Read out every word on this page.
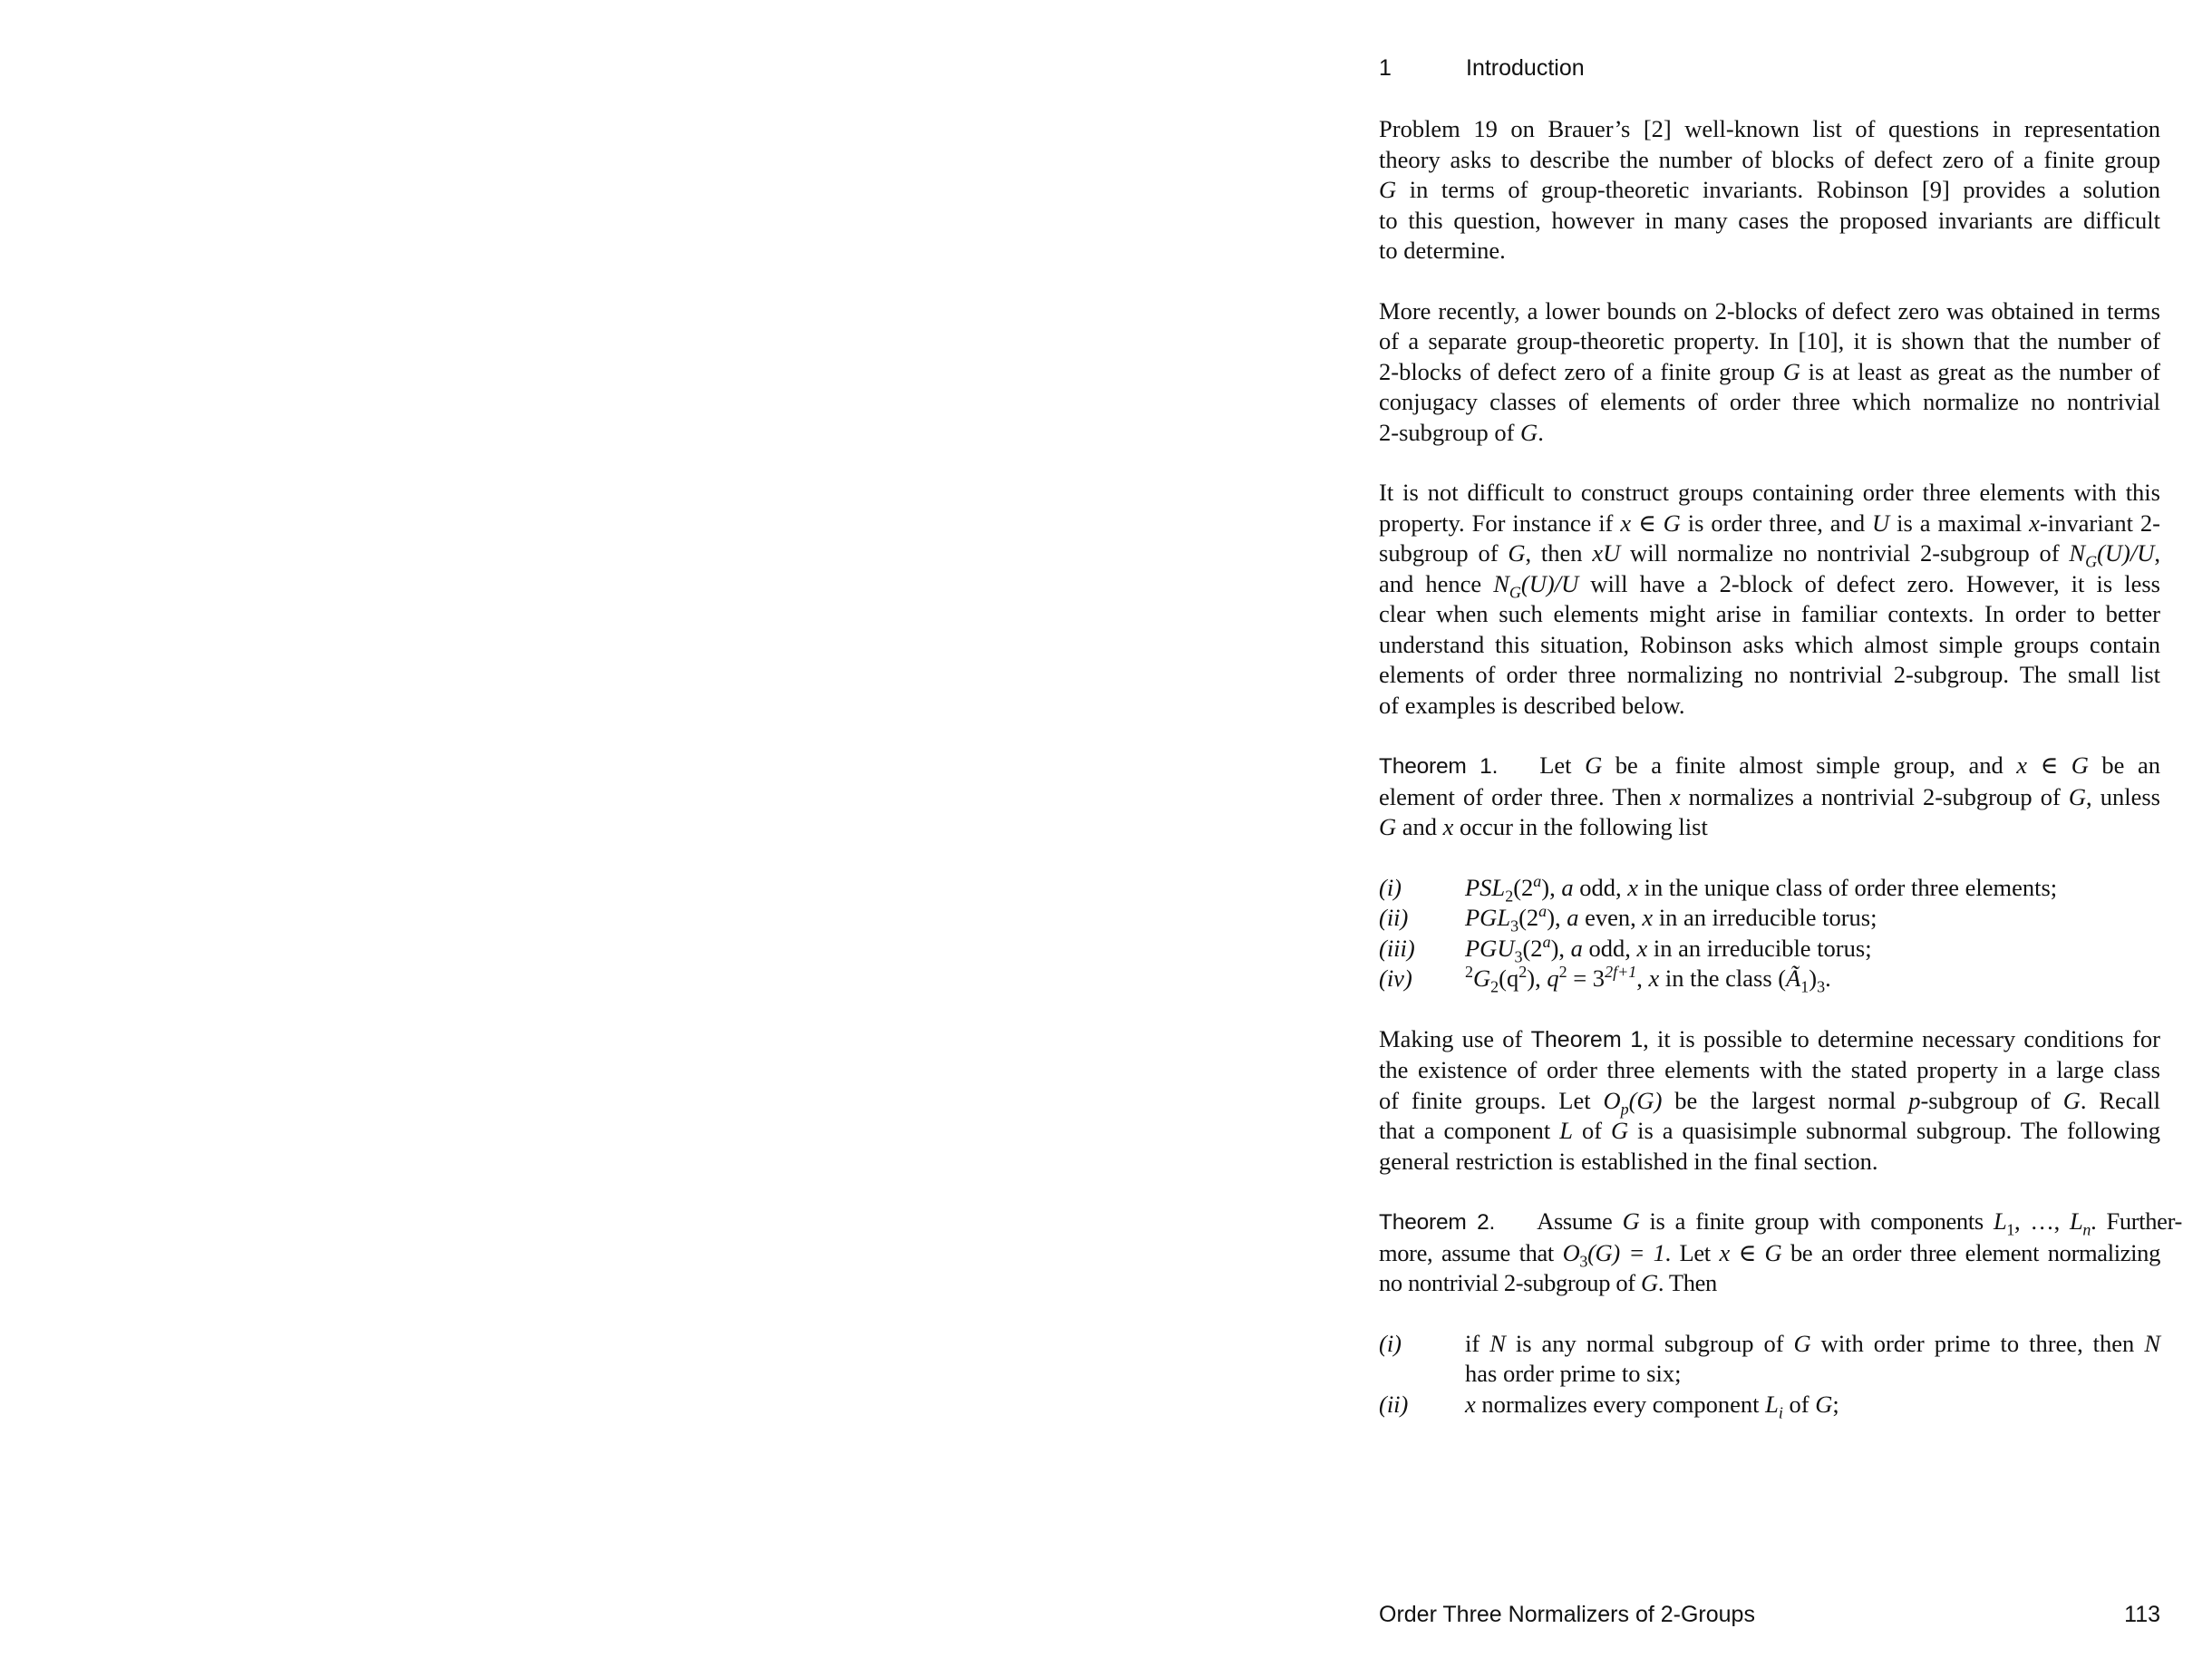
1	Introduction
Problem 19 on Brauer’s [2] well-known list of questions in representation
theory asks to describe the number of blocks of defect zero of a finite group
G in terms of group-theoretic invariants. Robinson [9] provides a solution
to this question, however in many cases the proposed invariants are difficult
to determine.
More recently, a lower bounds on 2-blocks of defect zero was obtained in terms
of a separate group-theoretic property. In [10], it is shown that the number of
2-blocks of defect zero of a finite group G is at least as great as the number of
conjugacy classes of elements of order three which normalize no nontrivial
2-subgroup of G.
It is not difficult to construct groups containing order three elements with this
property. For instance if x ∈ G is order three, and U is a maximal x-invariant 2-
subgroup of G, then xU will normalize no nontrivial 2-subgroup of $N_G(U)/U$,
and hence $N_G(U)/U$ will have a 2-block of defect zero. However, it is less
clear when such elements might arise in familiar contexts. In order to better
understand this situation, Robinson asks which almost simple groups contain
elements of order three normalizing no nontrivial 2-subgroup. The small list
of examples is described below.
Theorem 1. Let G be a finite almost simple group, and x ∈ G be an
element of order three. Then x normalizes a nontrivial 2-subgroup of G, unless
G and x occur in the following list
(i)	$PSL_2(2^a)$, a odd, x in the unique class of order three elements;
(ii)	$PGL_3(2^a)$, a even, x in an irreducible torus;
(iii)	$PGU_3(2^a)$, a odd, x in an irreducible torus;
(iv)	$^2G_2(q^2)$, $q^2 = 3^{2f+1}$, x in the class $(Ã_1)_3$.
Making use of Theorem 1, it is possible to determine necessary conditions for
the existence of order three elements with the stated property in a large class
of finite groups. Let $O_p(G)$ be the largest normal p-subgroup of G. Recall
that a component L of G is a quasisimple subnormal subgroup. The following
general restriction is established in the final section.
Theorem 2. Assume G is a finite group with components $L_1$, …, $L_n$. Further-
more, assume that $O_3(G) = 1$. Let x ∈ G be an order three element normalizing
no nontrivial 2-subgroup of G. Then
(i)	if N is any normal subgroup of G with order prime to three, then N
has order prime to six;
(ii)	x normalizes every component $L_i$ of G;
Order Three Normalizers of 2-Groups	113
